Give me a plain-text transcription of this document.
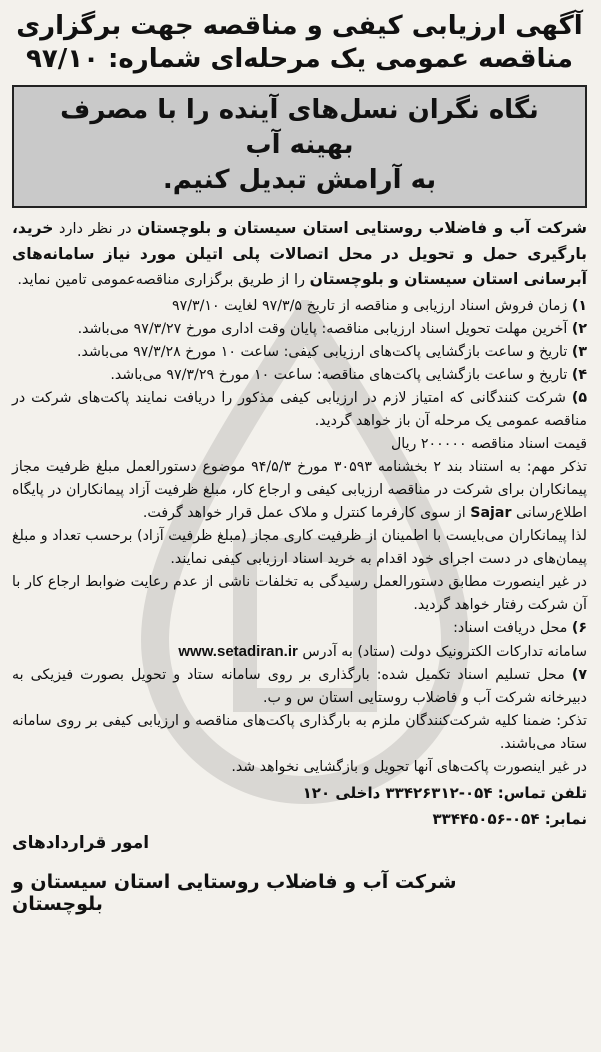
آگهی ارزیابی کیفی و مناقصه جهت برگزاری
مناقصه عمومی یک مرحله‌ای شماره: ۹۷/۱۰
نگاه نگران نسل‌های آینده را با مصرف بهینه آب
به آرامش تبدیل کنیم.

شرکت آب و فاضلاب روستایی استان سیستان و بلوچستان در نظر دارد خرید، بارگیری حمل و تحویل در محل اتصالات پلی اتیلن مورد نیاز سامانه‌های آبرسانی استان سیستان و بلوچستان را از طریق برگزاری مناقصه‌عمومی تامین نماید.

۱) زمان فروش اسناد ارزیابی و مناقصه از تاریخ ۹۷/۳/۵ لغایت ۹۷/۳/۱۰
۲) آخرین مهلت تحویل اسناد ارزیابی مناقصه: پایان وقت اداری مورخ ۹۷/۳/۲۷ می‌باشد.
۳) تاریخ و ساعت بازگشایی پاکت‌های ارزیابی کیفی: ساعت ۱۰ مورخ ۹۷/۳/۲۸ می‌باشد.
۴) تاریخ و ساعت بازگشایی پاکت‌های مناقصه: ساعت ۱۰ مورخ ۹۷/۳/۲۹ می‌باشد.
۵) شرکت کنندگانی که امتیاز لازم در ارزیابی کیفی مذکور را دریافت نمایند پاکت‌های شرکت در مناقصه عمومی یک مرحله آن باز خواهد گردید.

قیمت اسناد مناقصه ۲۰۰۰۰۰ ریال

تذکر مهم: به استناد بند ۲ بخشنامه ۳۰۵۹۳ مورخ ۹۴/۵/۳ موضوع دستورالعمل مبلغ ظرفیت مجاز پیمانکاران برای شرکت در مناقصه ارزیابی کیفی و ارجاع کار، مبلغ ظرفیت آزاد پیمانکاران در پایگاه اطلاع‌رسانی Sajar از سوی کارفرما کنترل و ملاک عمل قرار خواهد گرفت.

لذا پیمانکاران می‌بایست با اطمینان از ظرفیت کاری مجاز (مبلغ ظرفیت آزاد) برحسب تعداد و مبلغ پیمان‌های در دست اجرای خود اقدام به خرید اسناد ارزیابی کیفی نمایند.

در غیر اینصورت مطابق دستورالعمل رسیدگی به تخلفات ناشی از عدم رعایت ضوابط ارجاع کار با آن شرکت رفتار خواهد گردید.

۶) محل دریافت اسناد:

سامانه تدارکات الکترونیک دولت (ستاد) به آدرس www.setadiran.ir

۷) محل تسلیم اسناد تکمیل شده: بارگذاری بر روی سامانه ستاد و تحویل بصورت فیزیکی به دبیرخانه شرکت آب و فاضلاب روستایی استان س و ب.

تذکر: ضمنا کلیه شرکت‌کنندگان ملزم به بارگذاری پاکت‌های مناقصه و ارزیابی کیفی بر روی سامانه ستاد می‌باشند.

در غیر اینصورت پاکت‌های آنها تحویل و بازگشایی نخواهد شد.

تلفن تماس: ۰۵۴-۳۳۴۲۶۳۱۲ داخلی ۱۲۰
نمابر: ۰۵۴-۳۳۴۴۵۰۵۶
امور قراردادهای
شرکت آب و فاضلاب روستایی استان سیستان و بلوچستان
